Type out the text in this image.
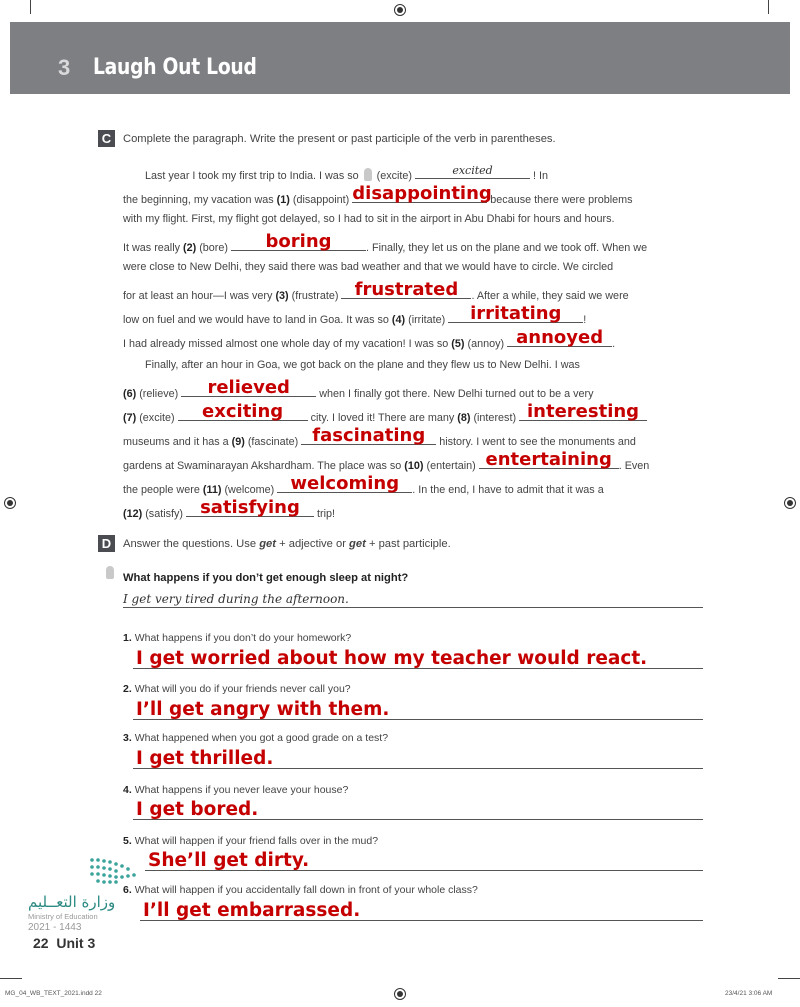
3 Laugh Out Loud
C	Complete the paragraph. Write the present or past participle of the verb in parentheses.
Last year I took my first trip to India. I was so (excite)	excited	! In
the beginning, my vacation was (1) (disappoint) disappointing
because there were problems
with my flight. First, my flight got delayed, so I had to sit in the airport in Abu Dhabi for hours and hours.
It was really (2) (bore)	boring	. Finally, they let us on the plane and we took off. When we
were close to New Delhi, they said there was bad weather and that we would have to circle. We circled
for at least an hour—I was very (3) (frustrate) frustrated	. After a while, they said we were
low on fuel and we would have to land in Goa. It was so (4) (irritate)	irritating	!
I had already missed almost one whole day of my vacation! I was so (5) (annoy) annoyed .
Finally, after an hour in Goa, we got back on the plane and they flew us to New Delhi. I was
(6) (relieve)	relieved	when I finally got there. New Delhi turned out to be a very
(7) (excite)	exciting	city. I loved it! There are many (8) (interest) interesting
museums and it has a (9) (fascinate) fascinating	history. I went to see the monuments and
gardens at Swaminarayan Akshardham. The place was so (10) (entertain) entertaining . Even
the people were (11) (welcome) welcoming	. In the end, I have to admit that it was a
(12) (satisfy) satisfying	trip!
D	Answer the questions. Use get + adjective or get + past participle.
What happens if you don’t get enough sleep at night?
I get very tired during the afternoon.
1. What happens if you don’t do your homework?
I get worried about how my teacher would react.
2. What will you do if your friends never call you?
I’ll get angry with them.
3. What happened when you got a good grade on a test?
I get thrilled.
4. What happens if you never leave your house?
I get bored.
5. What will happen if your friend falls over in the mud?
She’ll get dirty.
6. What will happen if you accidentally fall down in front of your whole class?
I’ll get embarrassed.
وزارة التعــليم
Ministry of Education
2021 - 1443
22 Unit 3
MG_04_WB_TEXT_2021.indd 22	23/4/21 3:06 AM
